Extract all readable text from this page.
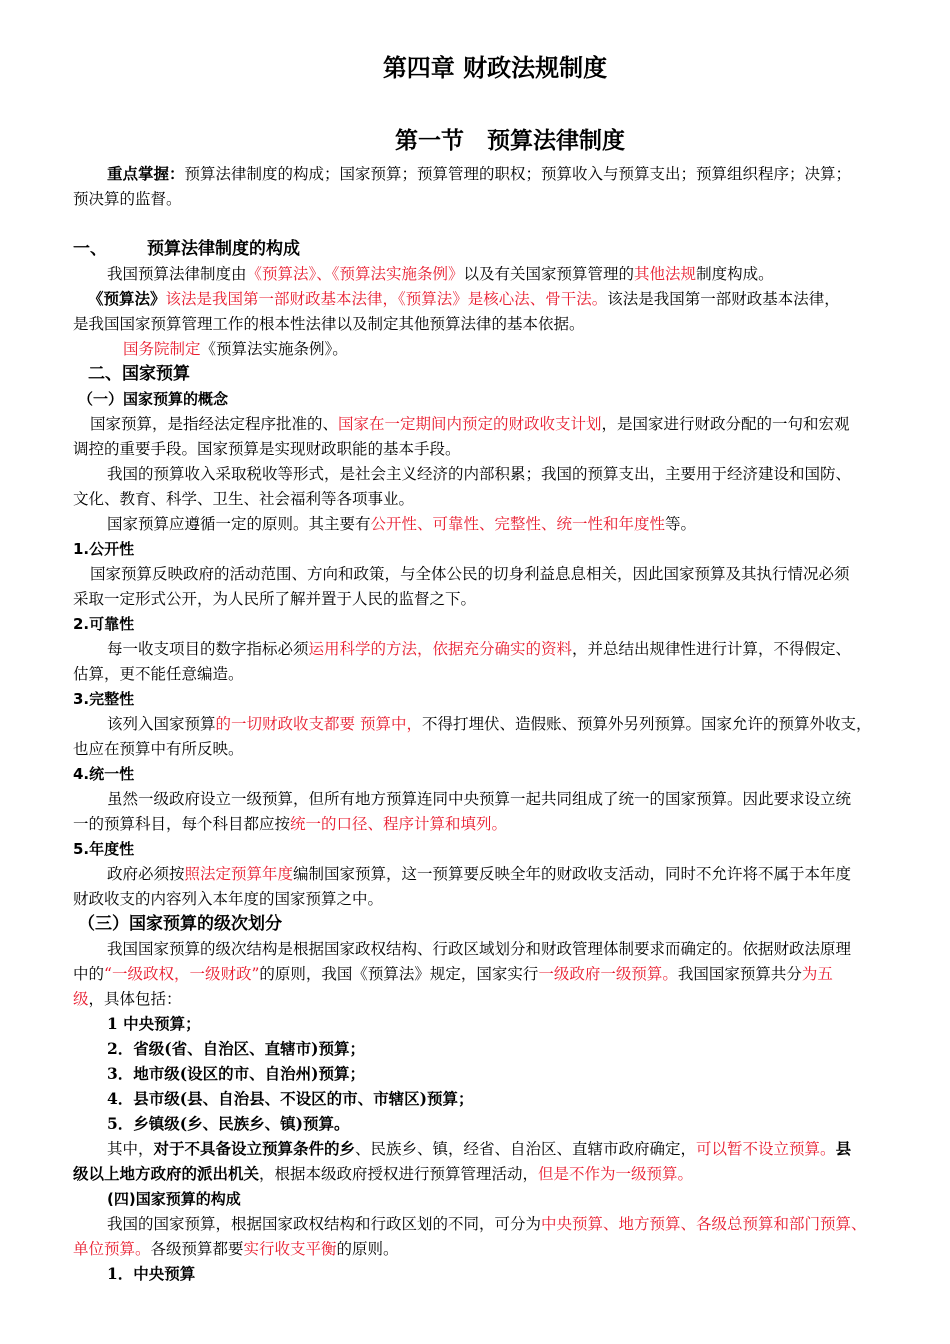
第四章 财政法规制度
第一节　预算法律制度
重点掌握：预算法律制度的构成；国家预算；预算管理的职权；预算收入与预算支出；预算组织程序；决算；
预决算的监督。
一、 预算法律制度的构成
我国预算法律制度由《预算法》、《预算法实施条例》以及有关国家预算管理的其他法规制度构成。
《预算法》该法是我国第一部财政基本法律，《预算法》是核心法、骨干法。该法是我国第一部财政基本法律，
是我国国家预算管理工作的根本性法律以及制定其他预算法律的基本依据。
国务院制定《预算法实施条例》。
二、国家预算
（一）国家预算的概念
国家预算，是指经法定程序批准的、国家在一定期间内预定的财政收支计划，是国家进行财政分配的一句和宏观
调控的重要手段。国家预算是实现财政职能的基本手段。
我国的预算收入采取税收等形式，是社会主义经济的内部积累；我国的预算支出，主要用于经济建设和国防、
文化、教育、科学、卫生、社会福利等各项事业。
国家预算应遵循一定的原则。其主要有公开性、可靠性、完整性、统一性和年度性等。
1.公开性
国家预算反映政府的活动范围、方向和政策，与全体公民的切身利益息息相关，因此国家预算及其执行情况必须
采取一定形式公开，为人民所了解并置于人民的监督之下。
2.可靠性
每一收支项目的数字指标必须运用科学的方法，依据充分确实的资料，并总结出规律性进行计算，不得假定、
估算，更不能任意编造。
3.完整性
该列入国家预算的一切财政收支都要 预算中，不得打埋伏、造假账、预算外另列预算。国家允许的预算外收支，
也应在预算中有所反映。
4.统一性
虽然一级政府设立一级预算，但所有地方预算连同中央预算一起共同组成了统一的国家预算。因此要求设立统
一的预算科目，每个科目都应按统一的口径、程序计算和填列。
5.年度性
政府必须按照法定预算年度编制国家预算，这一预算要反映全年的财政收支活动，同时不允许将不属于本年度
财政收支的内容列入本年度的国家预算之中。
（三）国家预算的级次划分
我国国家预算的级次结构是根据国家政权结构、行政区域划分和财政管理体制要求而确定的。依据财政法原理
中的“一级政权，一级财政”的原则，我国《预算法》规定，国家实行一级政府一级预算。我国国家预算共分为五
级，具体包括：
1 中央预算；
2．省级(省、自治区、直辖市)预算；
3．地市级(设区的市、自治州)预算；
4．县市级(县、自治县、不设区的市、市辖区)预算；
5．乡镇级(乡、民族乡、镇)预算。
其中，对于不具备设立预算条件的乡、民族乡、镇，经省、自治区、直辖市政府确定，可以暂不设立预算。县
级以上地方政府的派出机关，根据本级政府授权进行预算管理活动，但是不作为一级预算。
(四)国家预算的构成
我国的国家预算，根据国家政权结构和行政区划的不同，可分为中央预算、地方预算、各级总预算和部门预算、
单位预算。各级预算都要实行收支平衡的原则。
1．中央预算
